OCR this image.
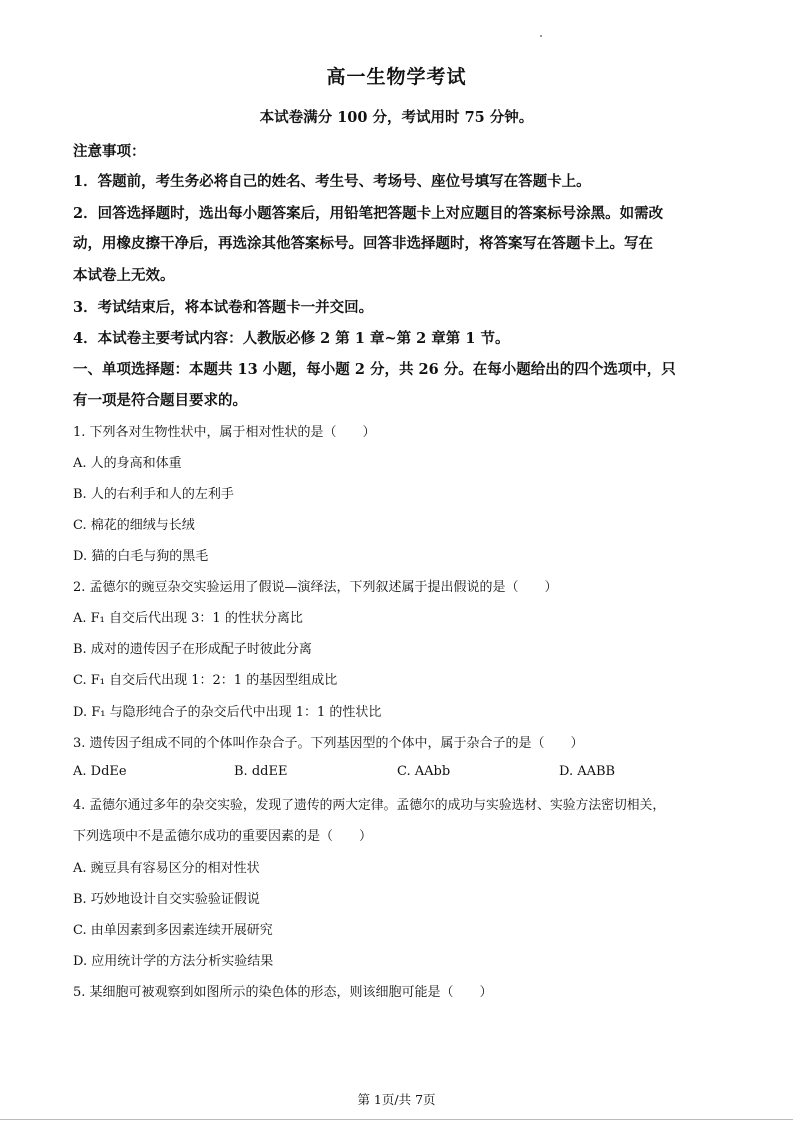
高一生物学考试
本试卷满分 100 分，考试用时 75 分钟。
注意事项：
1．答题前，考生务必将自己的姓名、考生号、考场号、座位号填写在答题卡上。
2．回答选择题时，选出每小题答案后，用铅笔把答题卡上对应题目的答案标号涂黑。如需改
动，用橡皮擦干净后，再选涂其他答案标号。回答非选择题时，将答案写在答题卡上。写在
本试卷上无效。
3．考试结束后，将本试卷和答题卡一并交回。
4．本试卷主要考试内容：人教版必修 2 第 1 章~第 2 章第 1 节。
一、单项选择题：本题共 13 小题，每小题 2 分，共 26 分。在每小题给出的四个选项中，只
有一项是符合题目要求的。
1. 下列各对生物性状中，属于相对性状的是（　　）
A. 人的身高和体重
B. 人的右利手和人的左利手
C. 棉花的细绒与长绒
D. 猫的白毛与狗的黑毛
2. 孟德尔的豌豆杂交实验运用了假说—演绎法，下列叙述属于提出假说的是（　　）
A. F₁ 自交后代出现 3：1 的性状分离比
B. 成对的遗传因子在形成配子时彼此分离
C. F₁ 自交后代出现 1：2：1 的基因型组成比
D. F₁ 与隐形纯合子的杂交后代中出现 1：1 的性状比
3. 遗传因子组成不同的个体叫作杂合子。下列基因型的个体中，属于杂合子的是（　　）
A. DdEe	B. ddEE	C. AAbb	D. AABB
4. 孟德尔通过多年的杂交实验，发现了遗传的两大定律。孟德尔的成功与实验选材、实验方法密切相关，
下列选项中不是孟德尔成功的重要因素的是（　　）
A. 豌豆具有容易区分的相对性状
B. 巧妙地设计自交实验验证假说
C. 由单因素到多因素连续开展研究
D. 应用统计学的方法分析实验结果
5. 某细胞可被观察到如图所示的染色体的形态，则该细胞可能是（　　）
第 1页/共 7页
